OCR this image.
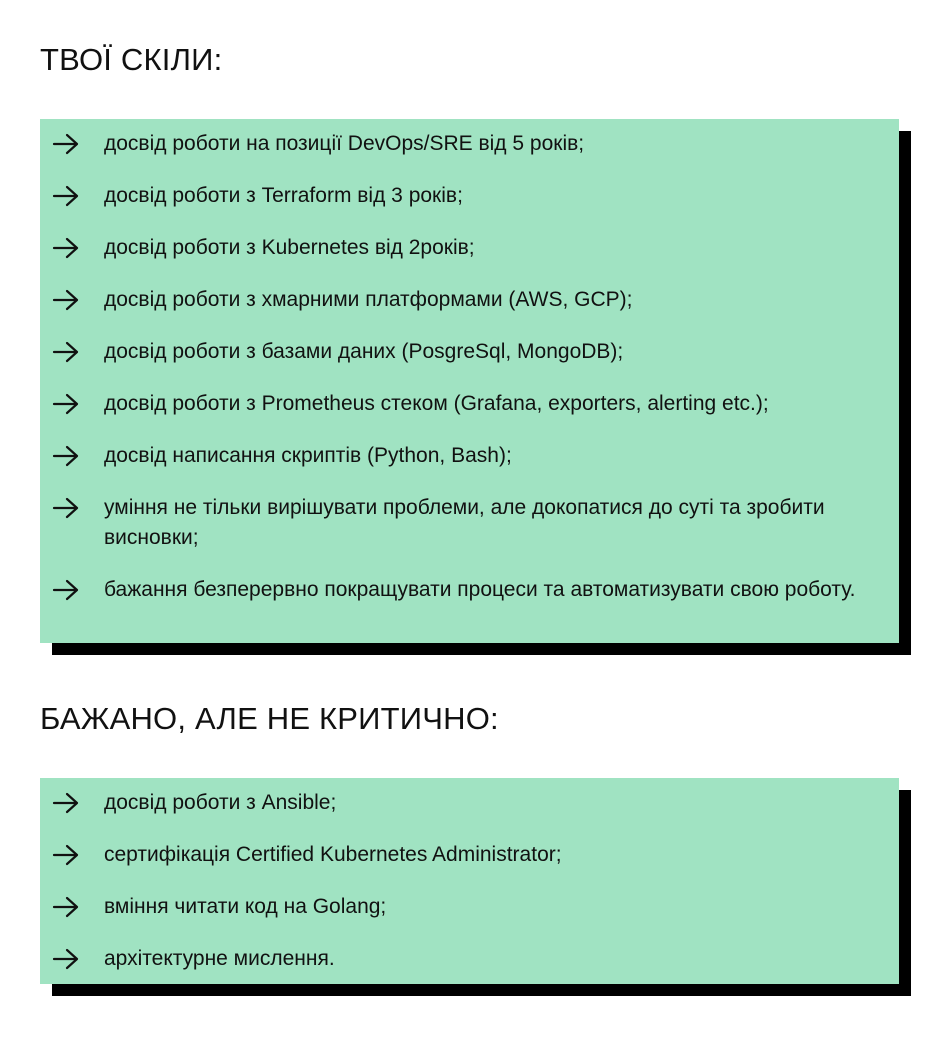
ТВОЇ СКІЛИ:
досвід роботи на позиції DevOps/SRE від 5 років;
досвід роботи з Terraform від 3 років;
досвід роботи з Kubernetes від 2років;
досвід роботи з хмарними платформами (AWS, GCP);
досвід роботи з базами даних (PosgreSql, MongoDB);
досвід роботи з Prometheus стеком (Grafana, exporters, alerting etc.);
досвід написання скриптів (Python, Bash);
уміння не тільки вирішувати проблеми, але докопатися до суті та зробити висновки;
бажання безперервно покращувати процеси та автоматизувати свою роботу.
БАЖАНО, АЛЕ НЕ КРИТИЧНО:
досвід роботи з Ansible;
сертифікація Certified Kubernetes Administrator;
вміння читати код на Golang;
архітектурне мислення.
